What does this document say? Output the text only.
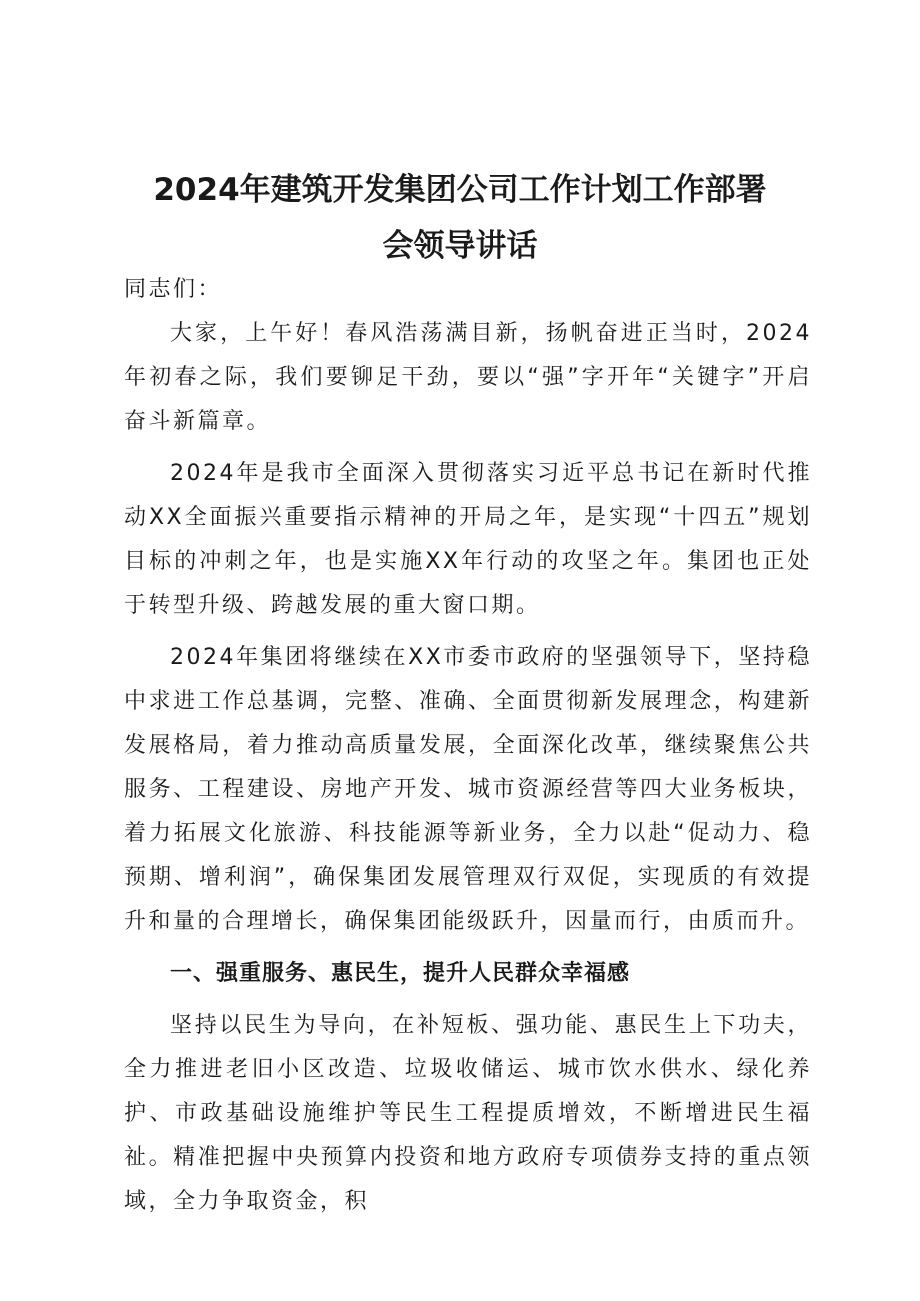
2024年建筑开发集团公司工作计划工作部署
会领导讲话

同志们：

大家，上午好！春风浩荡满目新，扬帆奋进正当时，2024年初春之际，我们要铆足干劲，要以“强”字开年“关键字”开启奋斗新篇章。

2024年是我市全面深入贯彻落实习近平总书记在新时代推动XX全面振兴重要指示精神的开局之年，是实现“十四五”规划目标的冲刺之年，也是实施XX年行动的攻坚之年。集团也正处于转型升级、跨越发展的重大窗口期。

2024年集团将继续在XX市委市政府的坚强领导下，坚持稳中求进工作总基调，完整、准确、全面贯彻新发展理念，构建新发展格局，着力推动高质量发展，全面深化改革，继续聚焦公共服务、工程建设、房地产开发、城市资源经营等四大业务板块，着力拓展文化旅游、科技能源等新业务，全力以赴“促动力、稳预期、增利润”，确保集团发展管理双行双促，实现质的有效提升和量的合理增长，确保集团能级跃升，因量而行，由质而升。

一、强重服务、惠民生，提升人民群众幸福感

坚持以民生为导向，在补短板、强功能、惠民生上下功夫，全力推进老旧小区改造、垃圾收储运、城市饮水供水、绿化养护、市政基础设施维护等民生工程提质增效，不断增进民生福祉。精准把握中央预算内投资和地方政府专项债券支持的重点领域，全力争取资金，积
